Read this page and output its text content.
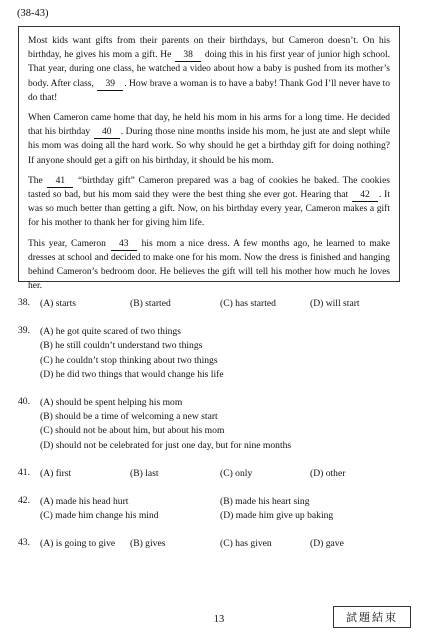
(38-43)

Most kids want gifts from their parents on their birthdays, but Cameron doesn’t. On his birthday, he gives his mom a gift. He 38 doing this in his first year of junior high school. That year, during one class, he watched a video about how a baby is pushed from its mother’s body. After class, 39 . How brave a woman is to have a baby! Thank God I’ll never have to do that!

When Cameron came home that day, he held his mom in his arms for a long time. He decided that his birthday 40 . During those nine months inside his mom, he just ate and slept while his mom was doing all the hard work. So why should he get a birthday gift for doing nothing? If anyone should get a gift on his birthday, it should be his mom.

The 41 “birthday gift” Cameron prepared was a bag of cookies he baked. The cookies tasted so bad, but his mom said they were the best thing she ever got. Hearing that 42 . It was so much better than getting a gift. Now, on his birthday every year, Cameron makes a gift for his mother to thank her for giving him life.

This year, Cameron 43 his mom a nice dress. A few months ago, he learned to make dresses at school and decided to make one for his mom. Now the dress is finished and hanging behind Cameron’s bedroom door. He believes the gift will tell his mother how much he loves her.

38. (A) starts	(B) started	(C) has started	(D) will start
39. (A) he got quite scared of two things
(B) he still couldn’t understand two things
(C) he couldn’t stop thinking about two things
(D) he did two things that would change his life
40. (A) should be spent helping his mom
(B) should be a time of welcoming a new start
(C) should not be about him, but about his mom
(D) should not be celebrated for just one day, but for nine months
41. (A) first	(B) last	(C) only	(D) other
42. (A) made his head hurt	(B) made his heart sing
(C) made him change his mind	(D) made him give up baking
43. (A) is going to give	(B) gives	(C) has given	(D) gave
13	試題結束
